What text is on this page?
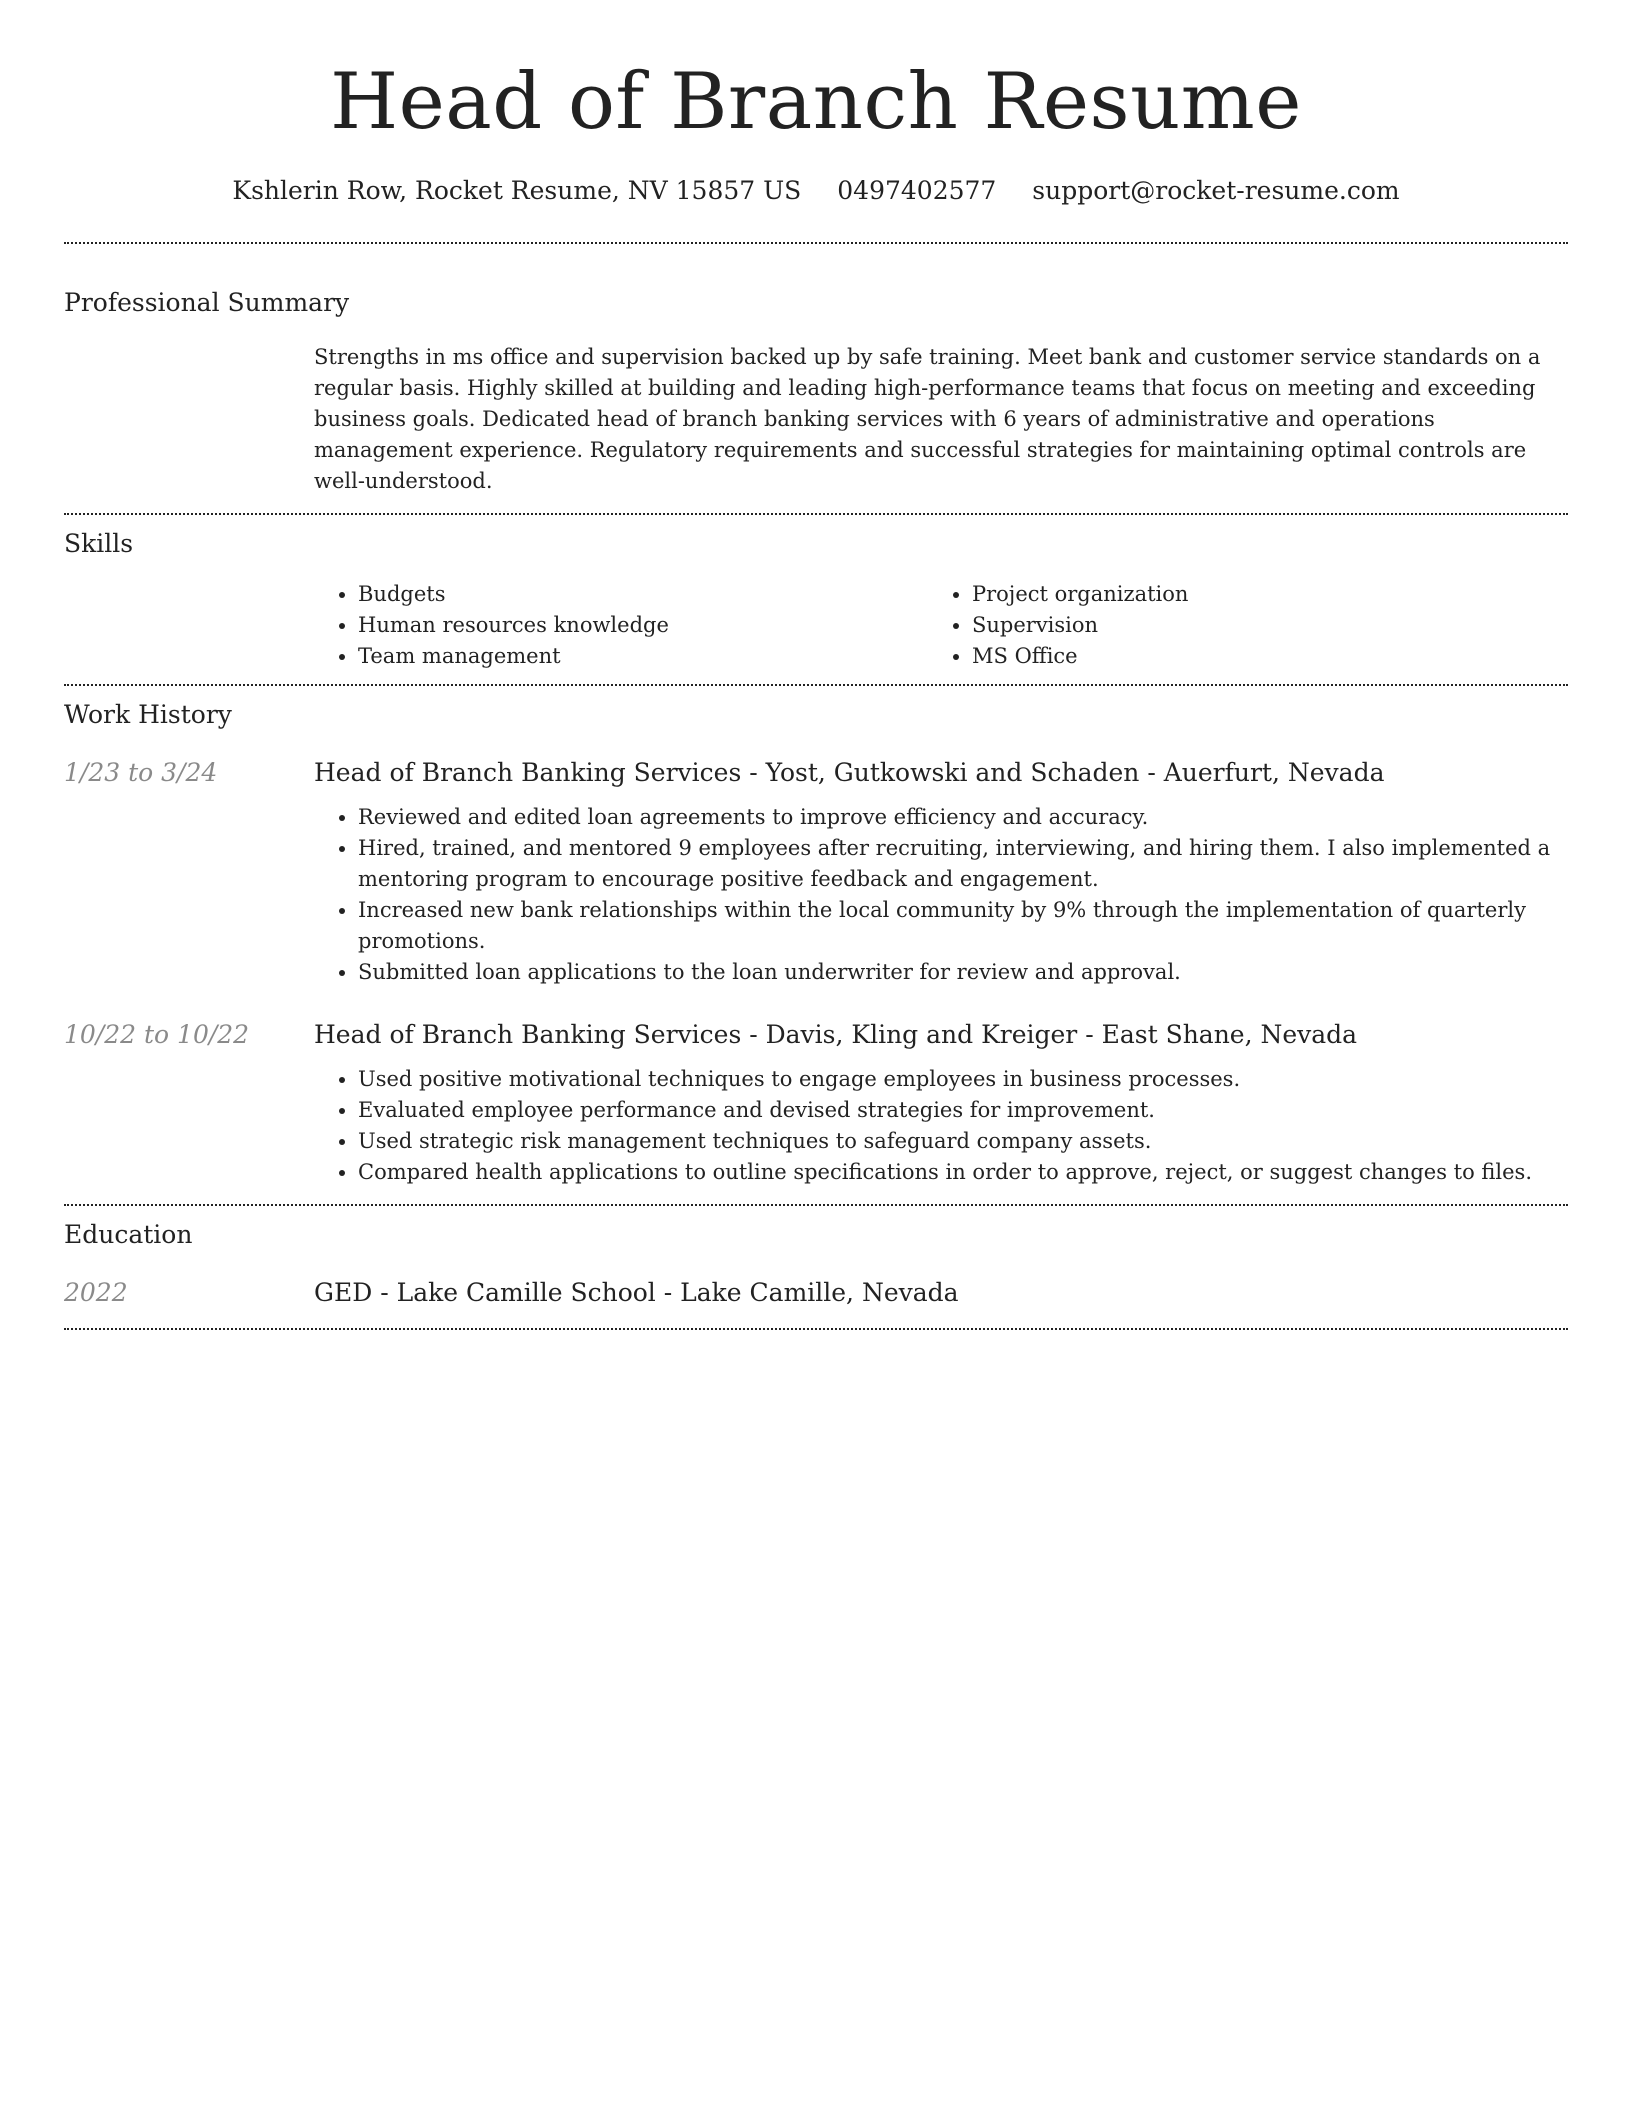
Head of Branch Resume
Kshlerin Row, Rocket Resume, NV 15857 US 0497402577 support@rocket-resume.com
Professional Summary
Strengths in ms office and supervision backed up by safe training. Meet bank and customer service standards on a regular basis. Highly skilled at building and leading high-performance teams that focus on meeting and exceeding business goals. Dedicated head of branch banking services with 6 years of administrative and operations management experience. Regulatory requirements and successful strategies for maintaining optimal controls are well-understood.
Skills
• Budgets
• Human resources knowledge
• Team management
• Project organization
• Supervision
• MS Office
Work History
1/23 to 3/24	Head of Branch Banking Services - Yost, Gutkowski and Schaden - Auerfurt, Nevada
• Reviewed and edited loan agreements to improve efficiency and accuracy.
• Hired, trained, and mentored 9 employees after recruiting, interviewing, and hiring them. I also implemented a mentoring program to encourage positive feedback and engagement.
• Increased new bank relationships within the local community by 9% through the implementation of quarterly promotions.
• Submitted loan applications to the loan underwriter for review and approval.
10/22 to 10/22	Head of Branch Banking Services - Davis, Kling and Kreiger - East Shane, Nevada
• Used positive motivational techniques to engage employees in business processes.
• Evaluated employee performance and devised strategies for improvement.
• Used strategic risk management techniques to safeguard company assets.
• Compared health applications to outline specifications in order to approve, reject, or suggest changes to files.
Education
2022	GED - Lake Camille School - Lake Camille, Nevada
